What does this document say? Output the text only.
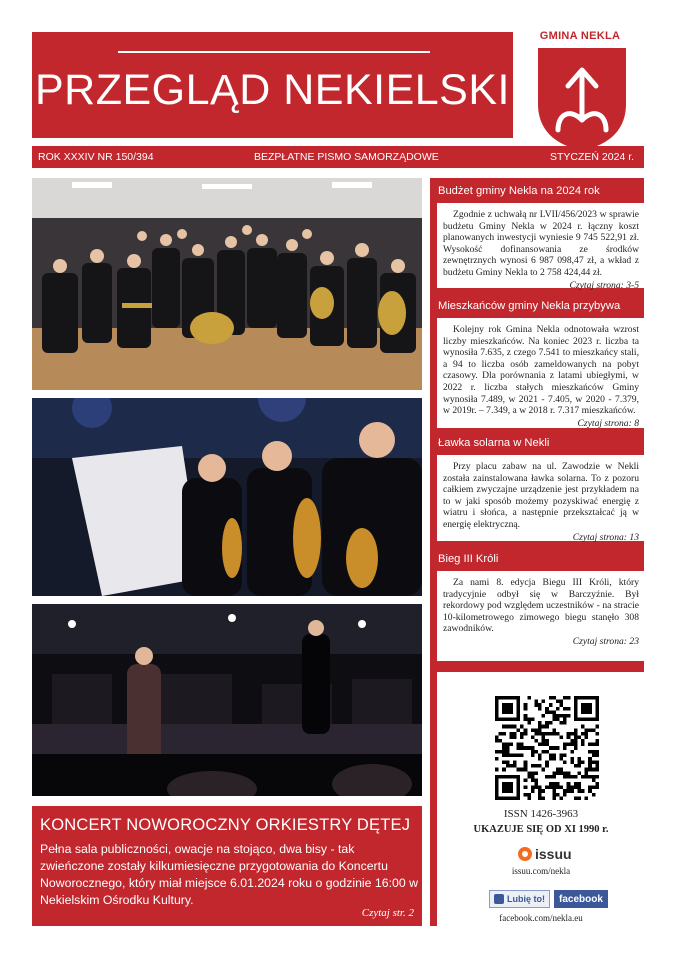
PRZEGLĄD NEKIELSKI
GMINA NEKLA
ROK XXXIV NR 150/394	BEZPŁATNE PISMO SAMORZĄDOWE	STYCZEŃ 2024 r.
KONCERT NOWOROCZNY ORKIESTRY DĘTEJ
Pełna sala publiczności, owacje na stojąco, dwa bisy - tak zwieńczone zostały kilkumiesięczne przygotowania do Koncertu Noworocznego, który miał miejsce 6.01.2024 roku o godzinie 16:00 w Nekielskim Ośrodku Kultury.
Czytaj str. 2
Budżet gminy Nekla na 2024 rok
Zgodnie z uchwałą nr LVII/456/2023 w sprawie budżetu Gminy Nekla w 2024 r. łączny koszt planowanych inwestycji wyniesie 9 745 522,91 zł. Wysokość dofinansowania ze środków zewnętrznych wynosi 6 987 098,47 zł, a wkład z budżetu Gminy Nekla to 2 758 424,44 zł.
Czytaj strona: 3-5
Mieszkańców gminy Nekla przybywa
Kolejny rok Gmina Nekla odnotowała wzrost liczby mieszkańców. Na koniec 2023 r. liczba ta wynosiła 7.635, z czego 7.541 to mieszkańcy stali, a 94 to liczba osób zameldowanych na pobyt czasowy. Dla porównania z latami ubiegłymi, w 2022 r. liczba stałych mieszkańców Gminy wynosiła 7.489, w 2021 - 7.405, w 2020 - 7.379, w 2019r. – 7.349, a w 2018 r. 7.317 mieszkańców.
Czytaj strona: 8
Ławka solarna w Nekli
Przy placu zabaw na ul. Zawodzie w Nekli została zainstalowana ławka solarna. To z pozoru całkiem zwyczajne urządzenie jest przykładem na to w jaki sposób możemy pozyskiwać energię z wiatru i słońca, a następnie przekształcać ją w energię elektryczną.
Czytaj strona: 13
Bieg III Króli
Za nami 8. edycja Biegu III Króli, który tradycyjnie odbył się w Barczyźnie. Był rekordowy pod względem uczestników - na stracie 10-kilometrowego zimowego biegu stanęło 308 zawodników.
Czytaj strona: 23
ISSN 1426-3963
UKAZUJE SIĘ OD XI 1990 r.
issuu
issuu.com/nekla
Lubię to!	facebook
facebook.com/nekla.eu
